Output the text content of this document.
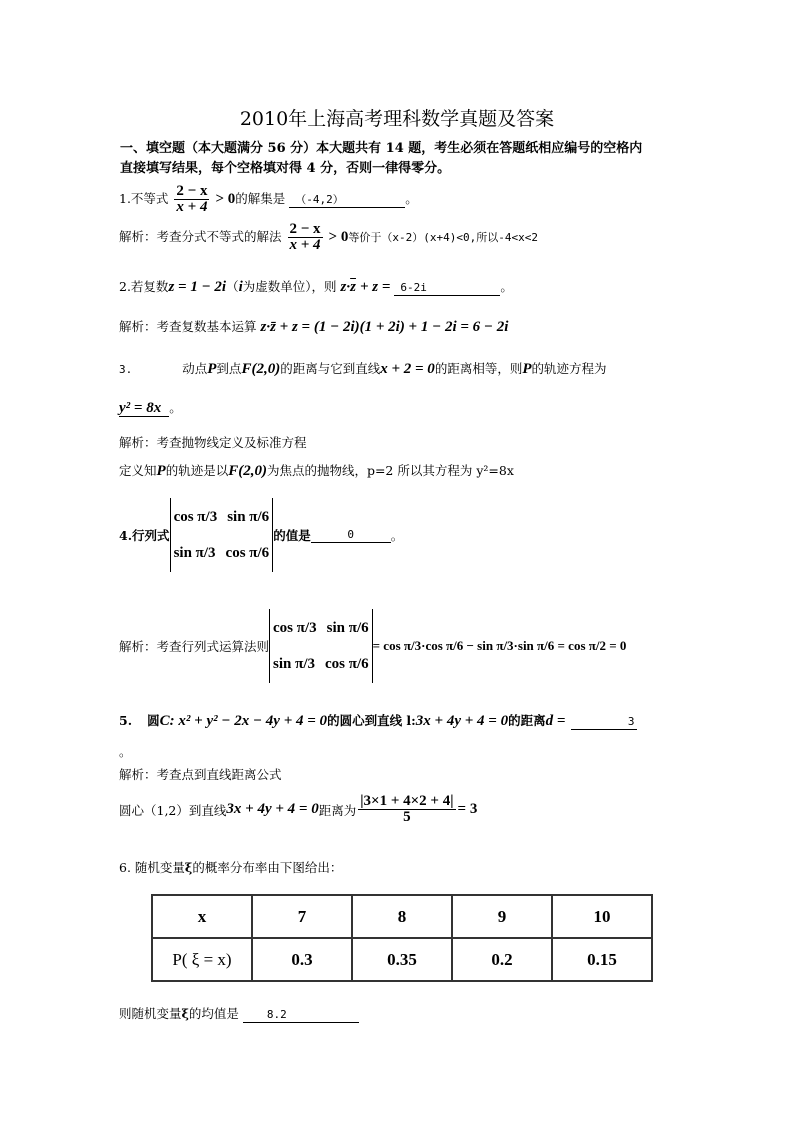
2010年上海高考理科数学真题及答案
一、填空题（本大题满分 56 分）本大题共有 14 题，考生必须在答题纸相应编号的空格内
直接填写结果，每个空格填对得 4 分，否则一律得零分。
1.不等式 $\frac{2 - x}{x + 4} > 0$的解集是 （-4,2）	。
解析：考查分式不等式的解法 $\frac{2 - x}{x + 4} > 0$等价于（x-2）(x+4)<0,所以-4<x<2
2.若复数z = 1 − 2i（i为虚数单位），则 $z\cdot\overline{z} + z = 6-2i$	。
解析：考查复数基本运算 z·z̄ + z = (1 − 2i)(1 + 2i) + 1 − 2i = 6 − 2i
3.	动点P到点F(2,0)的距离与它到直线x + 2 = 0的距离相等，则P的轨迹方程为
y² = 8x 。
解析：考查抛物线定义及标准方程
定义知P的轨迹是以F(2,0)为焦点的抛物线，p=2 所以其方程为 y²=8x
4.行列式
cos π/3 sin π/6
sin π/3 cos π/6
的值是	0	。
解析：考查行列式运算法则
cos π/3 sin π/6
sin π/3 cos π/6
= cos π/3·cos π/6 − sin π/3·sin π/6 = cos π/2 = 0
5. 圆C: x² + y² − 2x − 4y + 4 = 0的圆心到直线 l:3x + 4y + 4 = 0的距离d =	3
。
解析：考查点到直线距离公式
圆心（1,2）到直线 3x + 4y + 4 = 0 距离为 $\frac{|3\times 1 + 4\times 2 + 4|}{5} = 3$
6. 随机变量ξ的概率分布率由下图给出：
x	7	8	9	10
P( ξ = x)	0.3	0.35	0.2	0.15
则随机变量ξ的均值是	8.2
